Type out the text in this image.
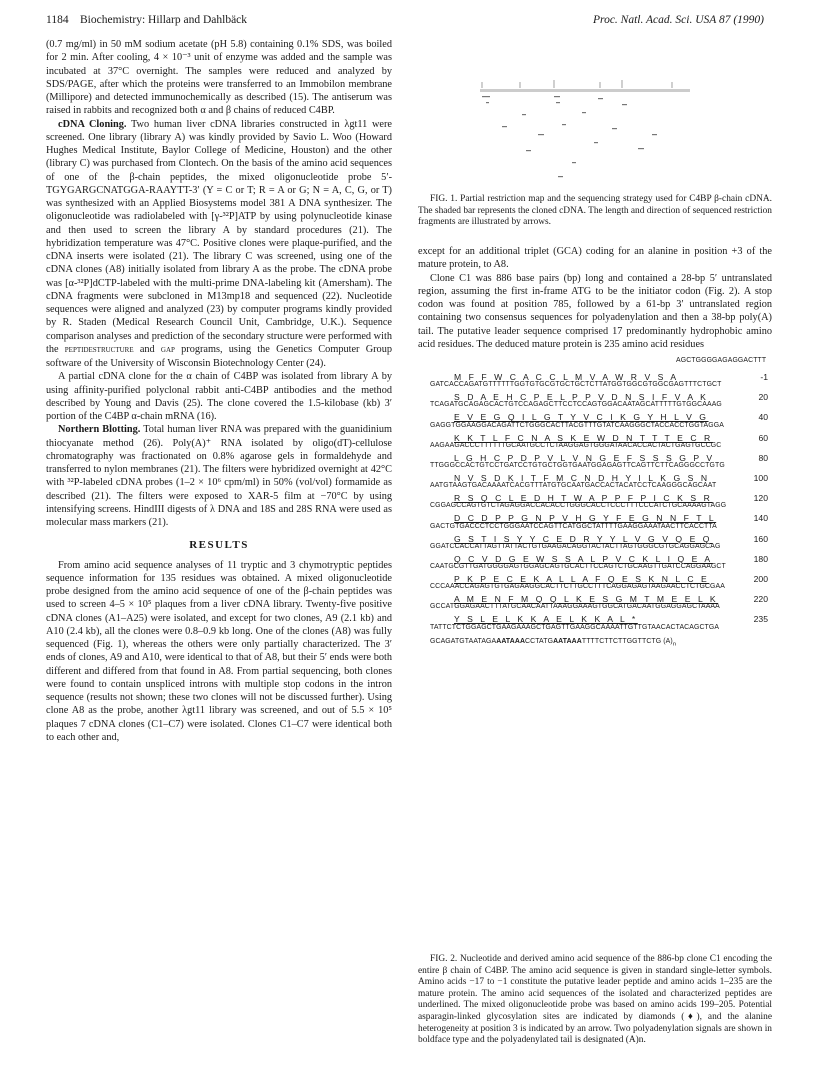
1184 Biochemistry: Hillarp and Dahlbäck	Proc. Natl. Acad. Sci. USA 87 (1990)

(0.7 mg/ml) in 50 mM sodium acetate (pH 5.8) containing 0.1% SDS, was boiled for 2 min. After cooling, 4 × 10⁻³ unit of enzyme was added and the sample was incubated at 37°C overnight. The samples were reduced and analyzed by SDS/PAGE, after which the proteins were transferred to an Immobilon membrane (Millipore) and detected immunochemically as described (15). The antiserum was raised in rabbits and recognized both α and β chains of reduced C4BP.

cDNA Cloning. Two human liver cDNA libraries constructed in λgt11 were screened. One library (library A) was kindly provided by Savio L. Woo (Howard Hughes Medical Institute, Baylor College of Medicine, Houston) and the other (library C) was purchased from Clontech. On the basis of the amino acid sequences of one of the β-chain peptides, the mixed oligonucleotide probe 5′-TGYGARGCNATGGA-RAAYTT-3′ (Y = C or T; R = A or G; N = A, C, G, or T) was synthesized with an Applied Biosystems model 381 A DNA synthesizer. The oligonucleotide was radiolabeled with [γ-³²P]ATP by using polynucleotide kinase and then used to screen the library A by standard procedures (21). The hybridization temperature was 47°C. Positive clones were plaque-purified, and the cDNA inserts were isolated (21). The library C was screened, using one of the cDNA clones (A8) initially isolated from library A as the probe. The cDNA probe was [α-³²P]dCTP-labeled with the multi-prime DNA-labeling kit (Amersham). The cDNA fragments were subcloned in M13mp18 and sequenced (22). Nucleotide sequences were aligned and analyzed (23) by computer programs kindly provided by R. Staden (Medical Research Council Unit, Cambridge, U.K.). Sequence comparison analyses and prediction of the secondary structure were performed with the peptidestructure and gap programs, using the Genetics Computer Group software of the University of Wisconsin Biotechnology Center (24).

A partial cDNA clone for the α chain of C4BP was isolated from library A by using affinity-purified polyclonal rabbit anti-C4BP antibodies and the method described by Young and Davis (25). The clone covered the 1.5-kilobase (kb) 3′ portion of the C4BP α-chain mRNA (16).

Northern Blotting. Total human liver RNA was prepared with the guanidinium thiocyanate method (26). Poly(A)⁺ RNA isolated by oligo(dT)-cellulose chromatography was fractionated on 0.8% agarose gels in formaldehyde and transferred to nylon membranes (21). The filters were hybridized overnight at 42°C with ³²P-labeled cDNA probes (1–2 × 10⁶ cpm/ml) in 50% (vol/vol) formamide as described (21). The filters were exposed to XAR-5 film at −70°C by using intensifying screens. HindIII digests of λ DNA and 18S and 28S RNA were used as molecular mass markers (21).

RESULTS

From amino acid sequence analyses of 11 tryptic and 3 chymotryptic peptides sequence information for 135 residues was obtained. A mixed oligonucleotide probe designed from the amino acid sequence of one of the β-chain peptides was used to screen 4–5 × 10⁵ plaques from a liver cDNA library. Twenty-five positive cDNA clones (A1–A25) were isolated, and except for two clones, A9 (2.1 kb) and A10 (2.4 kb), all the clones were 0.8–0.9 kb long. One of the clones (A8) was fully sequenced (Fig. 1), whereas the others were only partially characterized. The 3′ ends of clones, A9 and A10, were identical to that of A8, but their 5′ ends were both different and differed from that found in A8. From partial sequencing, both clones were found to contain unspliced introns with multiple stop codons in the intron sequence (results not shown; these two clones will not be discussed further). Using clone A8 as the probe, another λgt11 library was screened, and out of 5.5 × 10⁵ plaques 7 cDNA clones (C1–C7) were isolated. Clones C1–C7 were identical both to each other and,

FIG. 1. Partial restriction map and the sequencing strategy used for C4BP β-chain cDNA. The shaded bar represents the cloned cDNA. The length and direction of sequenced restriction fragments are illustrated by arrows.

except for an additional triplet (GCA) coding for an alanine in position +3 of the mature protein, to A8.

Clone C1 was 886 base pairs (bp) long and contained a 28-bp 5′ untranslated region, assuming the first in-frame ATG to be the initiator codon (Fig. 2). A stop codon was found at position 785, followed by a 61-bp 3′ untranslated region containing two consensus sequences for polyadenylation and then a 38-bp poly(A) tail. The putative leader sequence comprised 17 predominantly hydrophobic amino acid residues. The deduced mature protein is 235 amino acid residues

AGCTGGGGAGAGGACTTT
M F F W C A C C L M V A W R V S A
GATCACCAGATGTTTTTTGGTGTGCGTGCTGCTCTTATGGTGGCGTGGCGAGTTTCTGCT
-1
S D A E H C P E L P P V D N S I F V A K
TCAGATGCAGAGCACTGTCCAGAGCTTCCTCCAGTGGACAATAGCATTTTTGTGGCAAAG
20
E V E G Q I L G T Y V C I K G Y H L V G
GAGGTGGAAGGACAGATTCTGGGCACTTACGTTTGTATCAAGGGCTACCACCTGGTAGGA
40
K K T L F C N A S K E W D N T T T E C R
AAGAAGACCCTTTTTTGCAATGCCTCTAAGGAGTGGGATAACACCACTACTGAGTGCCGC
60
L G H C P D P V L V N G E F S S S G P V
TTGGGCCACTGTCCTGATCCTGTGCTGGTGAATGGAGAGTTCAGTTCTTCAGGGCCTGTG
80
N V S D K I T F M C N D H Y I L K G S N
AATGTAAGTGACAAAATCACGTTTATGTGCAATGACCACTACATCCTCAAGGGCAGCAAT
100
R S Q C L E D H T W A P P F P I C K S R
CGGAGCCAGTGTCTAGAGGACCACACCTGGGCACCTCCCTTTCCCATCTGCAAAAGTAGG
120
D C D P P G N P V H G Y F E G N N F T L
GACTGTGACCCTCCTGGGAATCCAGTTCATGGCTATTTTGAAGGAAATAACTTCACCTTA
140
G S T I S Y Y C E D R Y Y L V G V Q E Q
GGATCCACCATTAGTTATTACTGTGAAGACAGGTACTACTTAGTGGGCGTGCAGGAGCAG
160
Q C V D G E W S S A L P V C K L I Q E A
CAATGCGTTGATGGGGAGTGGAGCAGTGCACTTCCAGTCTGCAAGTTGATCCAGGAAGCT
180
P K P E C E K A L L A F Q E S K N L C E
CCCAAACCAGAGTGTGAGAAGGCACTTCTTGCCTTTCAGGAGAGTAAGAACCTCTGCGAA
200
A M E N F M Q Q L K E S G M T M E E L K
GCCATGGAGAACTTTATGCAACAATTAAAGGAAAGTGGCATGACAATGGAGGAGCTAAAA
220
Y S L E L K K A E L K K A L *
TATTCTCTGGAGCTGAAGAAAGCTGAGTTGAAGGCAAAATTGTTGTAACACTACAGCTGA
235
GCAGATGTAATAGAAATAAACCTATGAATAAATTTTCTTCTTGGTTCTG $(A)_n$

FIG. 2. Nucleotide and derived amino acid sequence of the 886-bp clone C1 encoding the entire β chain of C4BP. The amino acid sequence is given in standard single-letter symbols. Amino acids −17 to −1 constitute the putative leader peptide and amino acids 1–235 are the mature protein. The amino acid sequences of the isolated and characterized peptides are underlined. The mixed oligonucleotide probe was based on amino acids 199–205. Potential asparagin-linked glycosylation sites are indicated by diamonds (♦), and the alanine heterogeneity at position 3 is indicated by an arrow. Two polyadenylation signals are shown in boldface type and the polyadenylated tail is designated (A)n.
